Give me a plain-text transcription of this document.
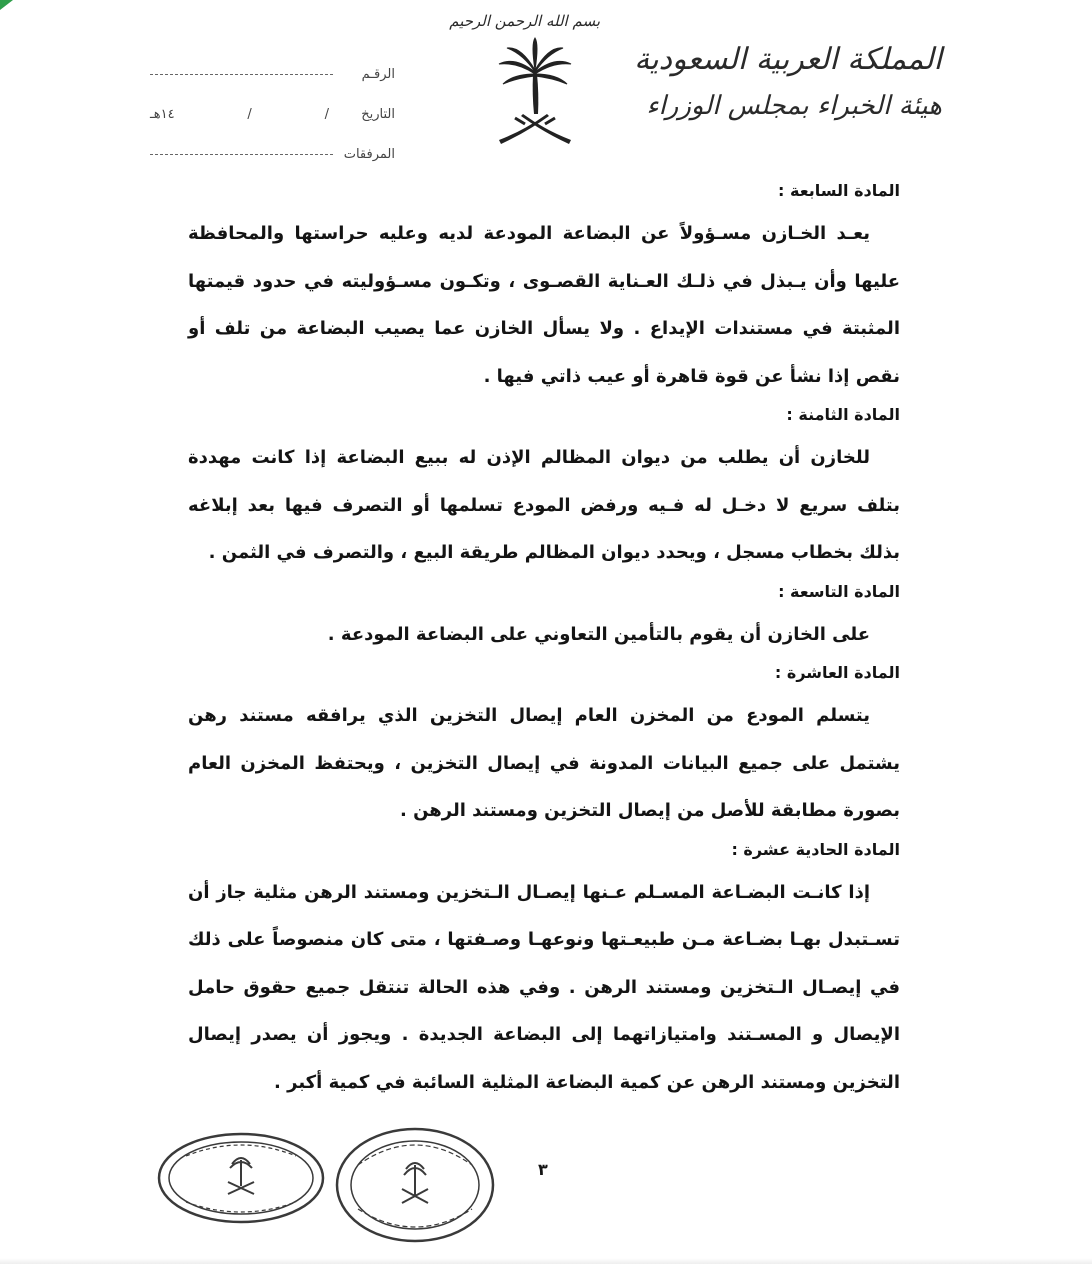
بسم الله الرحمن الرحيم
المملكة العربية السعودية
هيئة الخبراء بمجلس الوزراء
الرقـم
التاريخ
١٤هـ	/	/
المرفقات
المادة السابعة :

يعـد الخـازن مسـؤولاً عن البضاعة المودعة لديه وعليه حراستها والمحافظة عليها وأن يـبذل في ذلـك العـناية القصـوى ، وتكـون مسـؤوليته في حدود قيمتها المثبتة في مستندات الإيداع . ولا يسأل الخازن عما يصيب البضاعة من تلف أو نقص إذا نشأ عن قوة قاهرة أو عيب ذاتي فيها .

المادة الثامنة :

للخازن أن يطلب من ديوان المظالم الإذن له ببيع البضاعة إذا كانت مهددة بتلف سريع لا دخـل له فـيه ورفض المودع تسلمها أو التصرف فيها بعد إبلاغه بذلك بخطاب مسجل ، ويحدد ديوان المظالم طريقة البيع ، والتصرف في الثمن .

المادة التاسعة :

على الخازن أن يقوم بالتأمين التعاوني على البضاعة المودعة .

المادة العاشرة :

يتسلم المودع من المخزن العام إيصال التخزين الذي يرافقه مستند رهن يشتمل على جميع البيانات المدونة في إيصال التخزين ، ويحتفظ المخزن العام بصورة مطابقة للأصل من إيصال التخزين ومستند الرهن .

المادة الحادية عشرة :

إذا كانـت البضـاعة المسـلم عـنها إيصـال الـتخزين ومستند الرهن مثلية جاز أن تسـتبدل بهـا بضـاعة مـن طبيعـتها ونوعهـا وصـفتها ، متى كان منصوصاً على ذلك في إيصـال الـتخزين ومستند الرهن . وفي هذه الحالة تنتقل جميع حقوق حامل الإيصال و المسـتند وامتيازاتهما إلى البضاعة الجديدة . ويجوز أن يصدر إيصال التخزين ومستند الرهن عن كمية البضاعة المثلية السائبة في كمية أكبر .

٣
